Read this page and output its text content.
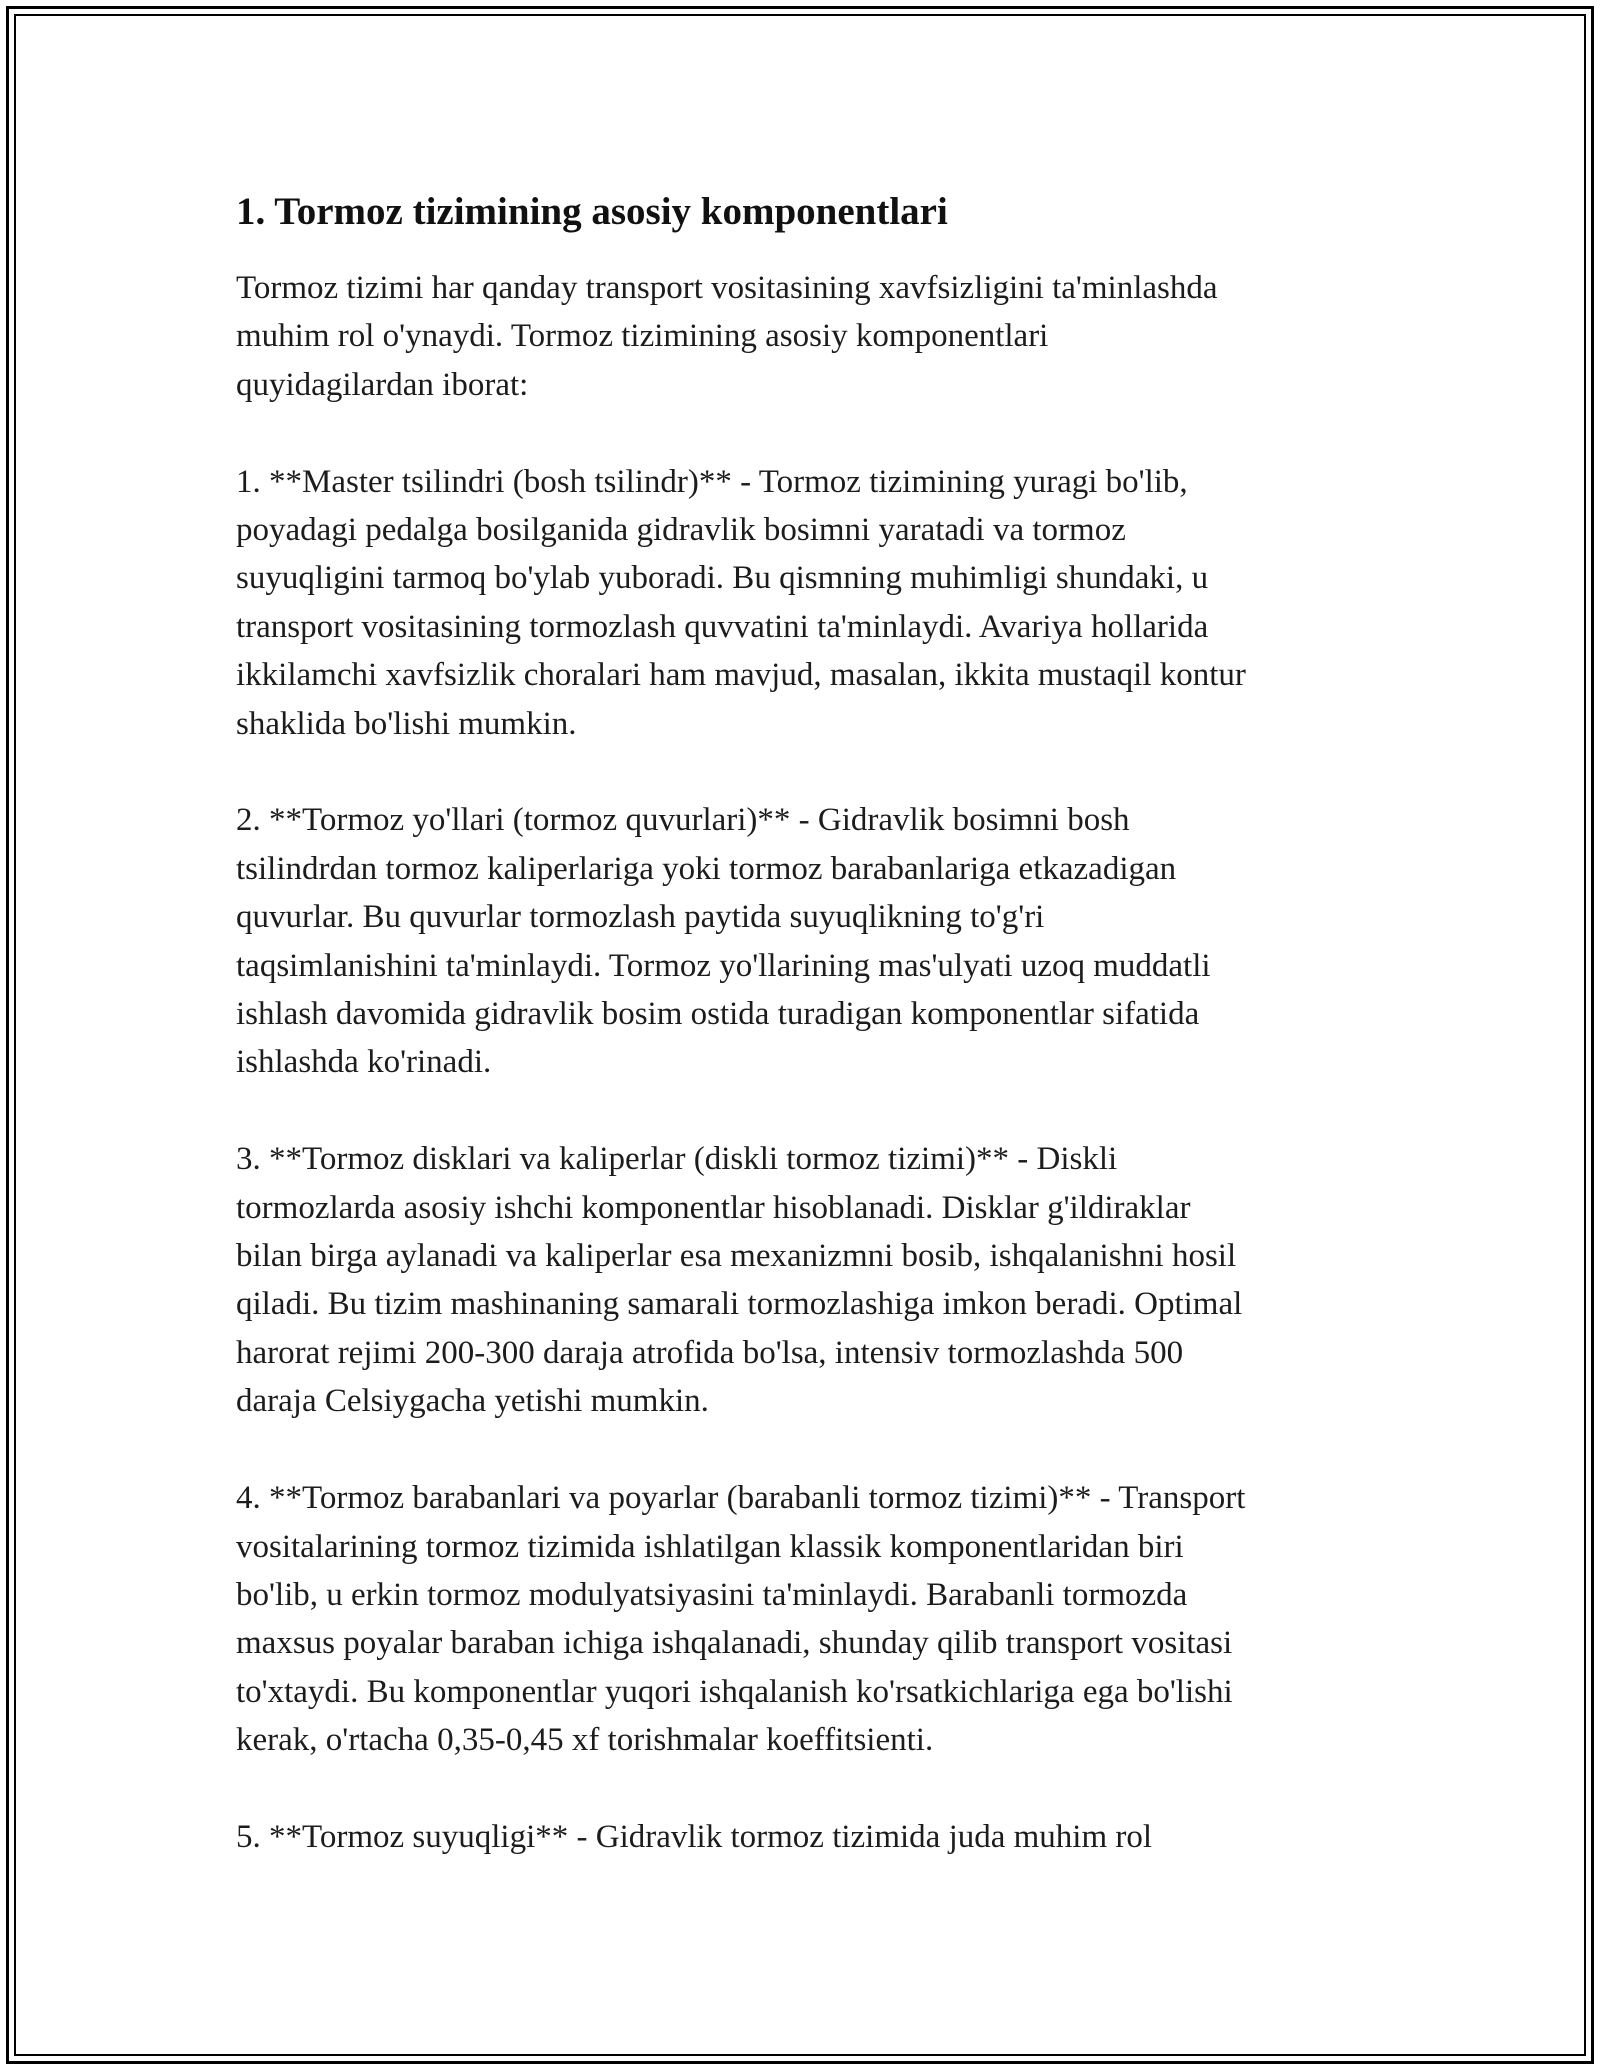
1. Tormoz tizimining asosiy komponentlari

Tormoz tizimi har qanday transport vositasining xavfsizligini ta'minlashda
muhim rol o'ynaydi. Tormoz tizimining asosiy komponentlari
quyidagilardan iborat:

1. **Master tsilindri (bosh tsilindr)** - Tormoz tizimining yuragi bo'lib,
poyadagi pedalga bosilganida gidravlik bosimni yaratadi va tormoz
suyuqligini tarmoq bo'ylab yuboradi. Bu qismning muhimligi shundaki, u
transport vositasining tormozlash quvvatini ta'minlaydi. Avariya hollarida
ikkilamchi xavfsizlik choralari ham mavjud, masalan, ikkita mustaqil kontur
shaklida bo'lishi mumkin.

2. **Tormoz yo'llari (tormoz quvurlari)** - Gidravlik bosimni bosh
tsilindrdan tormoz kaliperlariga yoki tormoz barabanlariga etkazadigan
quvurlar. Bu quvurlar tormozlash paytida suyuqlikning to'g'ri
taqsimlanishini ta'minlaydi. Tormoz yo'llarining mas'ulyati uzoq muddatli
ishlash davomida gidravlik bosim ostida turadigan komponentlar sifatida
ishlashda ko'rinadi.

3. **Tormoz disklari va kaliperlar (diskli tormoz tizimi)** - Diskli
tormozlarda asosiy ishchi komponentlar hisoblanadi. Disklar g'ildiraklar
bilan birga aylanadi va kaliperlar esa mexanizmni bosib, ishqalanishni hosil
qiladi. Bu tizim mashinaning samarali tormozlashiga imkon beradi. Optimal
harorat rejimi 200-300 daraja atrofida bo'lsa, intensiv tormozlashda 500
daraja Celsiygacha yetishi mumkin.

4. **Tormoz barabanlari va poyarlar (barabanli tormoz tizimi)** - Transport
vositalarining tormoz tizimida ishlatilgan klassik komponentlaridan biri
bo'lib, u erkin tormoz modulyatsiyasini ta'minlaydi. Barabanli tormozda
maxsus poyalar baraban ichiga ishqalanadi, shunday qilib transport vositasi
to'xtaydi. Bu komponentlar yuqori ishqalanish ko'rsatkichlariga ega bo'lishi
kerak, o'rtacha 0,35-0,45 xf torishmalar koeffitsienti.

5. **Tormoz suyuqligi** - Gidravlik tormoz tizimida juda muhim rol
